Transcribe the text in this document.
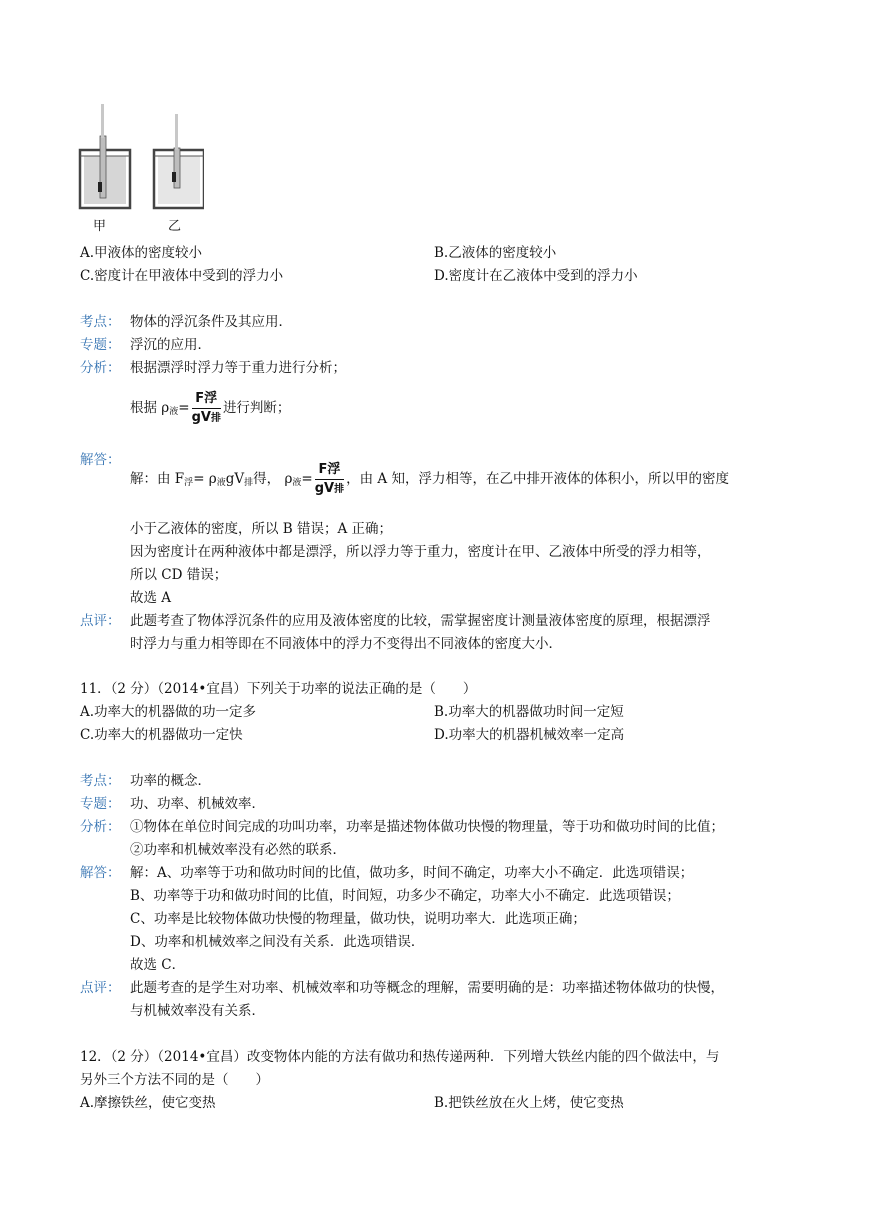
甲	乙
A.甲液体的密度较小	B.乙液体的密度较小
C.密度计在甲液体中受到的浮力小	D.密度计在乙液体中受到的浮力小
考点： 物体的浮沉条件及其应用．
专题： 浮沉的应用．
分析： 根据漂浮时浮力等于重力进行分析；
根据 $\rho_液= \frac{\text{F浮}}{\text{gV排}}$ 进行判断；
解答：
解：由 $F_浮= \rho_液gV_排$得， $\rho_液= \frac{\text{F浮}}{\text{gV排}}$ ，由 A 知，浮力相等，在乙中排开液体的体积小，所以甲的密度
小于乙液体的密度，所以 B 错误；A 正确；
因为密度计在两种液体中都是漂浮，所以浮力等于重力，密度计在甲、乙液体中所受的浮力相等，
所以 CD 错误；
故选 A
点评： 此题考查了物体浮沉条件的应用及液体密度的比较，需掌握密度计测量液体密度的原理，根据漂浮
时浮力与重力相等即在不同液体中的浮力不变得出不同液体的密度大小．
11．（2 分）（2014•宜昌）下列关于功率的说法正确的是（　　）
A.功率大的机器做的功一定多	B.功率大的机器做功时间一定短
C.功率大的机器做功一定快	D.功率大的机器机械效率一定高
考点： 功率的概念．
专题： 功、功率、机械效率．
分析： ①物体在单位时间完成的功叫功率，功率是描述物体做功快慢的物理量，等于功和做功时间的比值；
②功率和机械效率没有必然的联系．
解答： 解：A、功率等于功和做功时间的比值，做功多，时间不确定，功率大小不确定．此选项错误；
B、功率等于功和做功时间的比值，时间短，功多少不确定，功率大小不确定．此选项错误；
C、功率是比较物体做功快慢的物理量，做功快，说明功率大．此选项正确；
D、功率和机械效率之间没有关系．此选项错误．
故选 C．
点评： 此题考查的是学生对功率、机械效率和功等概念的理解，需要明确的是：功率描述物体做功的快慢，
与机械效率没有关系．
12．（2 分）（2014•宜昌）改变物体内能的方法有做功和热传递两种．下列增大铁丝内能的四个做法中，与
另外三个方法不同的是（　　）
A.摩擦铁丝，使它变热	B.把铁丝放在火上烤，使它变热
